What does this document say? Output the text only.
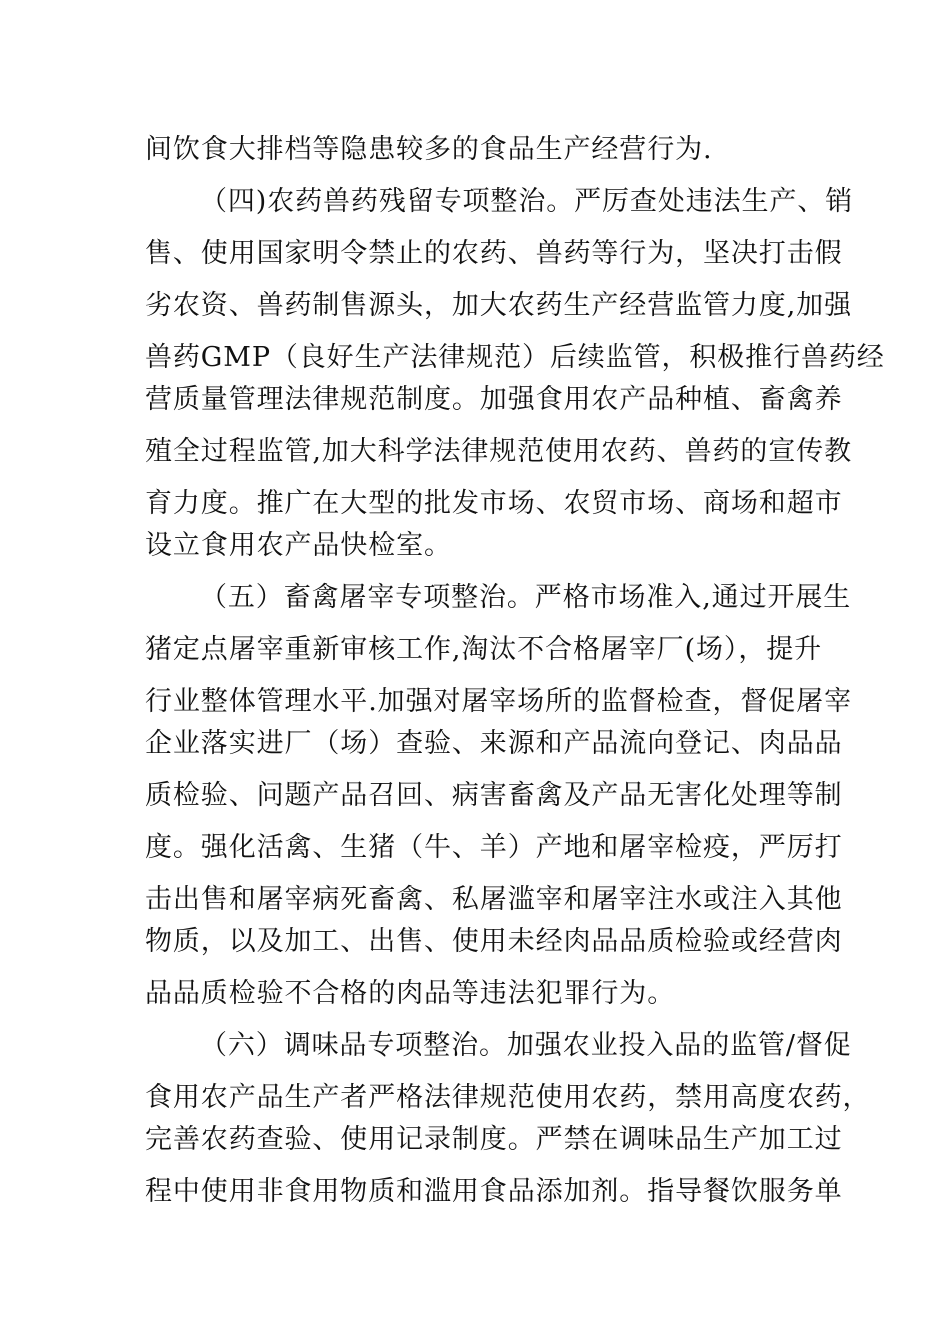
间饮食大排档等隐患较多的食品生产经营行为.
（四)农药兽药残留专项整治。严厉查处违法生产、销
售、使用国家明令禁止的农药、兽药等行为，坚决打击假
劣农资、兽药制售源头，加大农药生产经营监管力度,加强
兽药GMP（良好生产法律规范）后续监管，积极推行兽药经
营质量管理法律规范制度。加强食用农产品种植、畜禽养
殖全过程监管,加大科学法律规范使用农药、兽药的宣传教
育力度。推广在大型的批发市场、农贸市场、商场和超市
设立食用农产品快检室。
（五）畜禽屠宰专项整治。严格市场准入,通过开展生
猪定点屠宰重新审核工作,淘汰不合格屠宰厂(场），提升
行业整体管理水平.加强对屠宰场所的监督检查，督促屠宰
企业落实进厂（场）查验、来源和产品流向登记、肉品品
质检验、问题产品召回、病害畜禽及产品无害化处理等制
度。强化活禽、生猪（牛、羊）产地和屠宰检疫，严厉打
击出售和屠宰病死畜禽、私屠滥宰和屠宰注水或注入其他
物质，以及加工、出售、使用未经肉品品质检验或经营肉
品品质检验不合格的肉品等违法犯罪行为。
（六）调味品专项整治。加强农业投入品的监管/督促
食用农产品生产者严格法律规范使用农药，禁用高度农药，
完善农药查验、使用记录制度。严禁在调味品生产加工过
程中使用非食用物质和滥用食品添加剂。指导餐饮服务单
